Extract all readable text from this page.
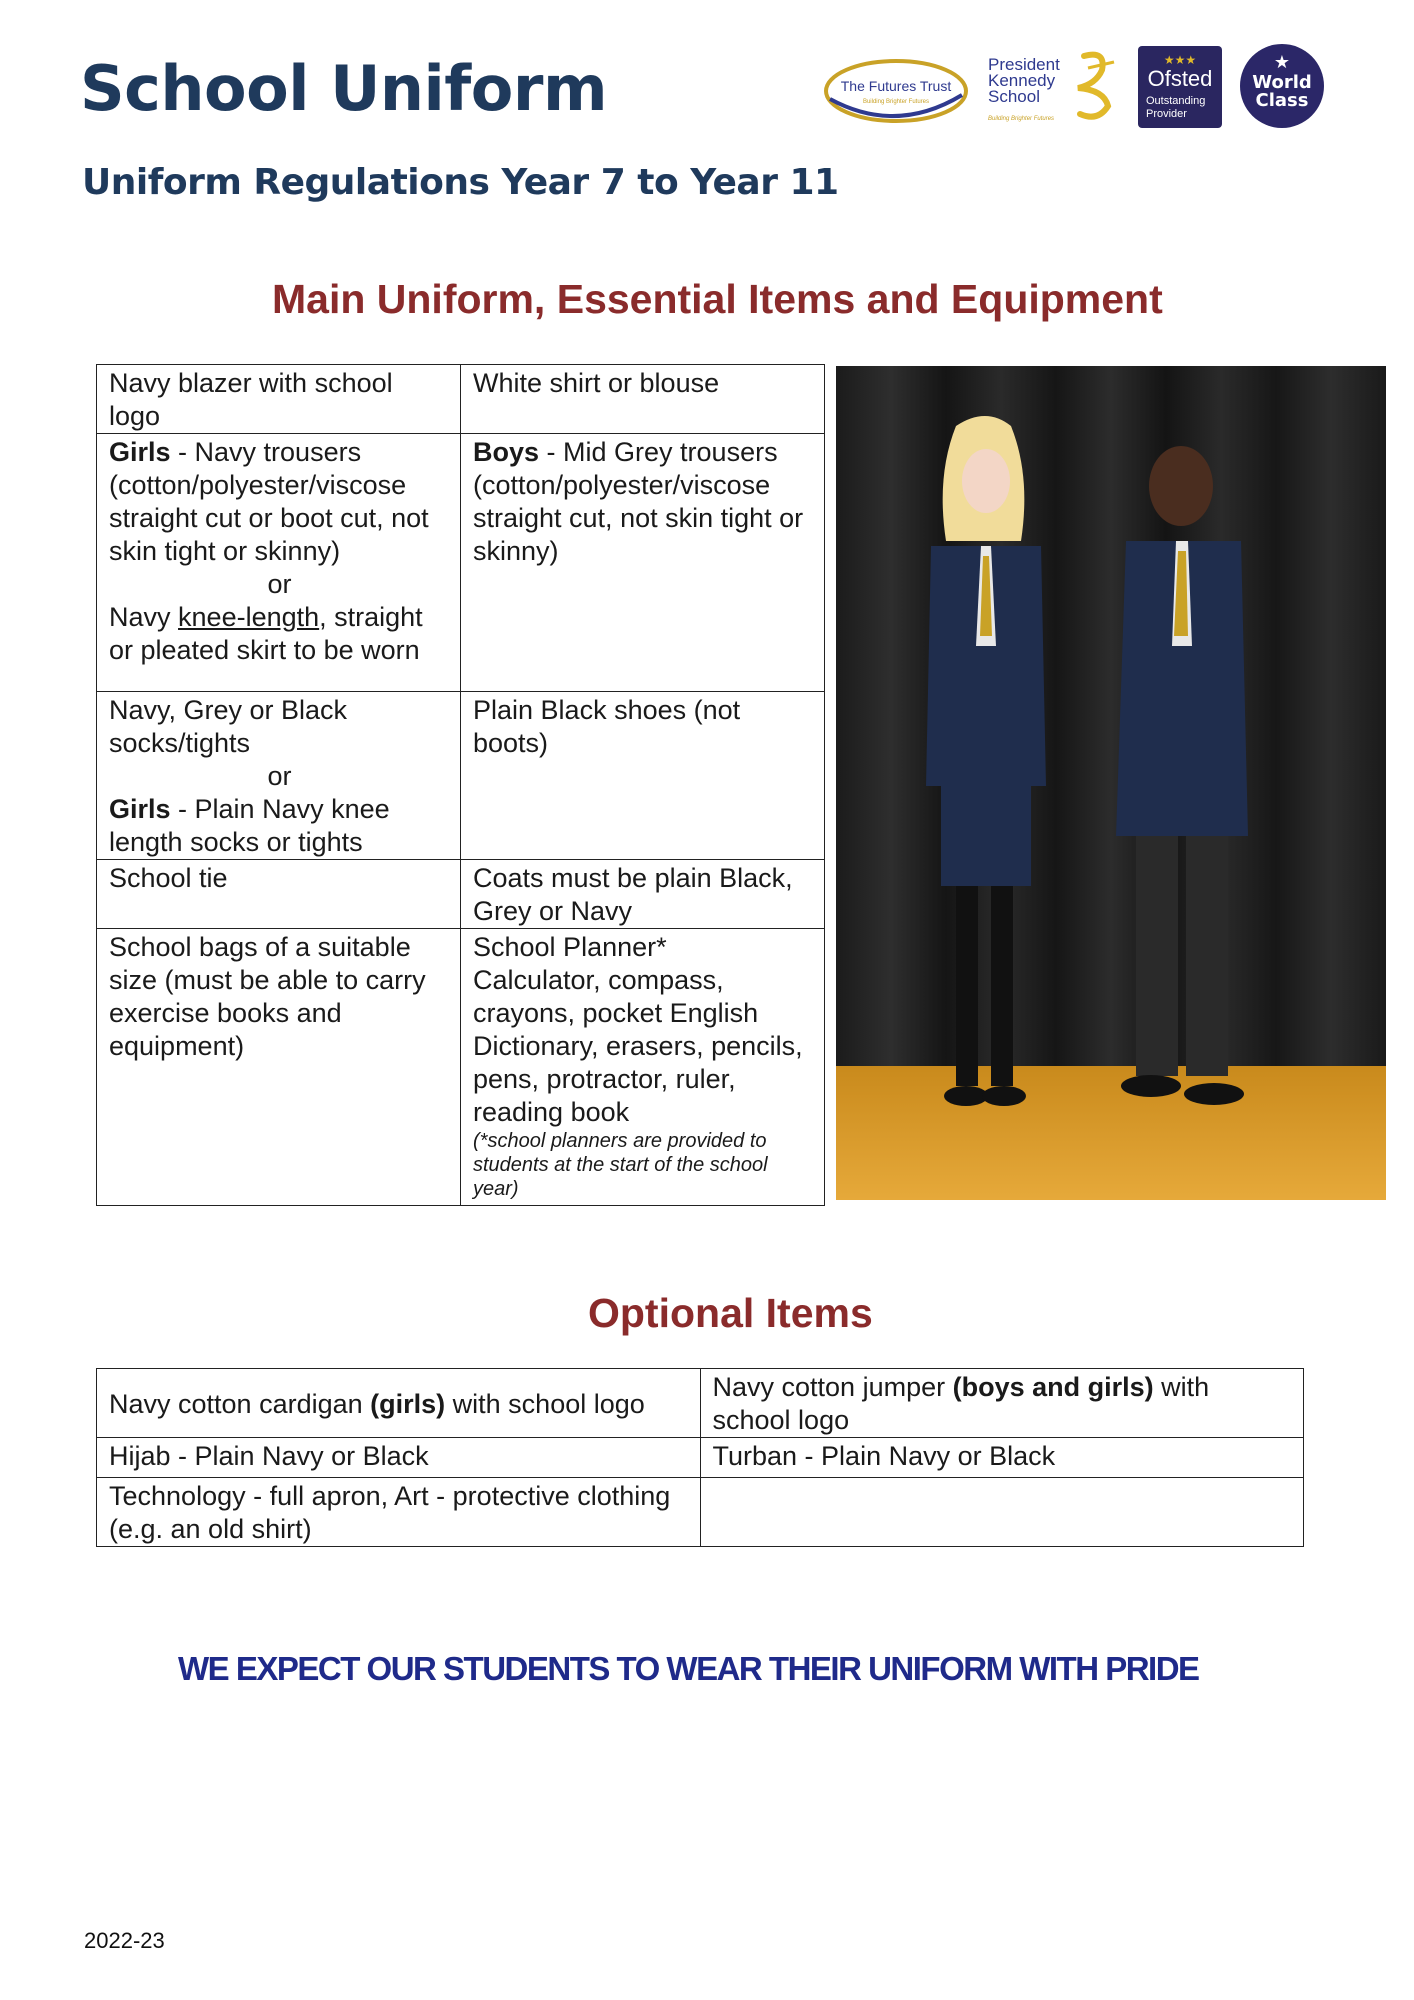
School Uniform
Uniform Regulations Year 7 to Year 11
The Futures Trust
Building Brighter Futures
President
Kennedy
School
Building Brighter Futures
★★★
Ofsted
Outstanding
Provider
★
World
Class
Main Uniform, Essential Items and Equipment
Navy blazer with school logo	White shirt or blouse
Girls - Navy trousers (cotton/polyester/viscose straight cut or boot cut, not skin tight or skinny)
or
Navy knee-length, straight or pleated skirt to be worn	Boys - Mid Grey trousers (cotton/polyester/viscose straight cut, not skin tight or skinny)
Navy, Grey or Black socks/tights
or
Girls - Plain Navy knee length socks or tights	Plain Black shoes (not boots)
School tie	Coats must be plain Black, Grey or Navy
School bags of a suitable size (must be able to carry exercise books and equipment)	School Planner*
Calculator, compass, crayons, pocket English Dictionary, erasers, pencils, pens, protractor, ruler, reading book
(*school planners are provided to students at the start of the school year)
Optional Items
Navy cotton cardigan (girls) with school logo	Navy cotton jumper (boys and girls) with school logo
Hijab - Plain Navy or Black	Turban - Plain Navy or Black
Technology - full apron, Art - protective clothing (e.g. an old shirt)	

WE EXPECT OUR STUDENTS TO WEAR THEIR UNIFORM WITH PRIDE

2022-23
